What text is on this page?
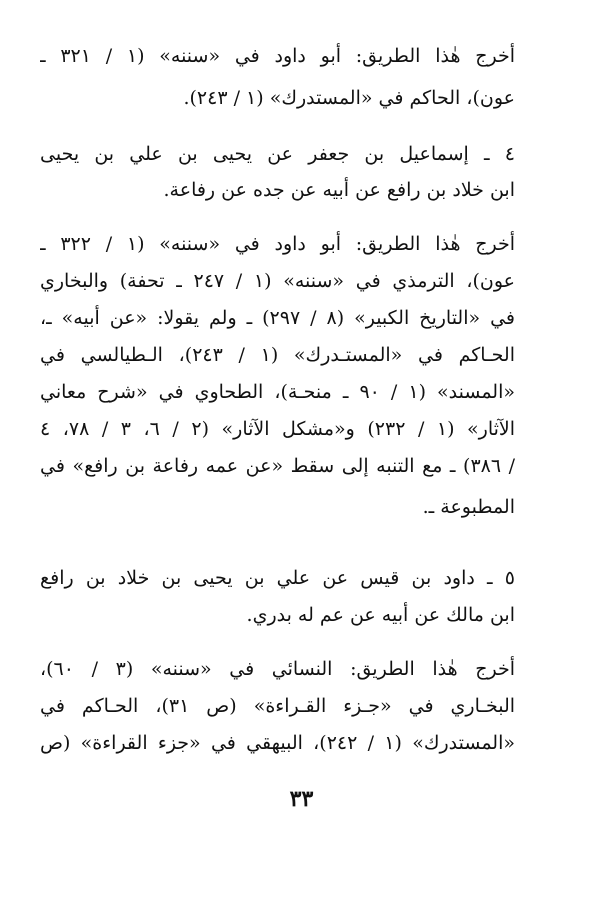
أخرج هٰذا الطريق: أبو داود في «سننه» (١ / ٣٢١ ـ
عون)، الحاكم في «المستدرك» (١ / ٢٤٣).
٤ ـ إسماعيل بن جعفر عن يحيى بن علي بن يحيى
ابن خلاد بن رافع عن أبيه عن جده عن رفاعة.
أخرج هٰذا الطريق: أبو داود في «سننه» (١ / ٣٢٢ ـ
عون)، الترمذي في «سننه» (١ / ٢٤٧ ـ تحفة) والبخاري
في «التاريخ الكبير» (٨ / ٢٩٧) ـ ولم يقولا: «عن أبيه» ـ،
الحـاكم في «المستـدرك» (١ / ٢٤٣)، الـطيالسي في
«المسند» (١ / ٩٠ ـ منحـة)، الطحاوي في «شرح معاني
الآثار» (١ / ٢٣٢) و«مشكل الآثار» (٢ / ٦، ٣ / ٧٨، ٤
/ ٣٨٦) ـ مع التنبه إلى سقط «عن عمه رفاعة بن رافع» في
المطبوعة ـ.
٥ ـ داود بن قيس عن علي بن يحيى بن خلاد بن رافع
ابن مالك عن أبيه عن عم له بدري.
أخرج هٰذا الطريق: النسائي في «سننه» (٣ / ٦٠)،
البخـاري في «جـزء القـراءة» (ص ٣١)، الحـاكم في
«المستدرك» (١ / ٢٤٢)، البيهقي في «جزء القراءة» (ص
٣٣
